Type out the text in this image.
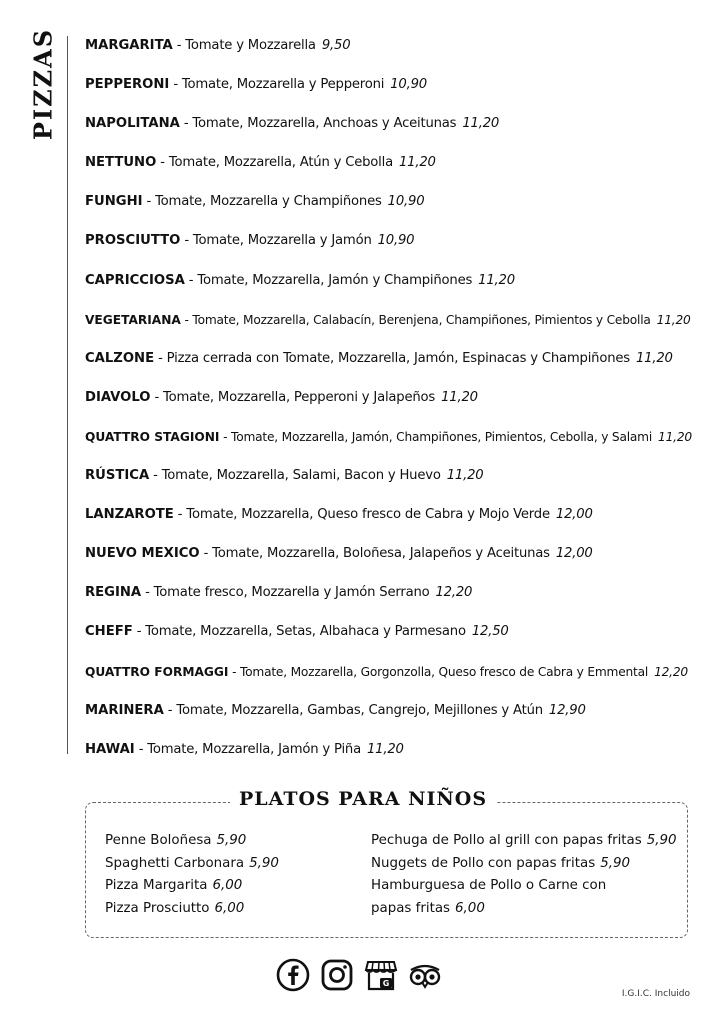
PIZZAS MARGARITA - Tomate y Mozzarella 9,50
PEPPERONI - Tomate, Mozzarella y Pepperoni 10,90
NAPOLITANA - Tomate, Mozzarella, Anchoas y Aceitunas 11,20
NETTUNO - Tomate, Mozzarella, Atún y Cebolla 11,20
FUNGHI - Tomate, Mozzarella y Champiñones 10,90
PROSCIUTTO - Tomate, Mozzarella y Jamón 10,90
CAPRICCIOSA - Tomate, Mozzarella, Jamón y Champiñones 11,20
VEGETARIANA - Tomate, Mozzarella, Calabacín, Berenjena, Champiñones, Pimientos y Cebolla 11,20
CALZONE - Pizza cerrada con Tomate, Mozzarella, Jamón, Espinacas y Champiñones 11,20
DIAVOLO - Tomate, Mozzarella, Pepperoni y Jalapeños 11,20
QUATTRO STAGIONI - Tomate, Mozzarella, Jamón, Champiñones, Pimientos, Cebolla, y Salami 11,20
RÚSTICA - Tomate, Mozzarella, Salami, Bacon y Huevo 11,20
LANZAROTE - Tomate, Mozzarella, Queso fresco de Cabra y Mojo Verde 12,00
NUEVO MEXICO - Tomate, Mozzarella, Boloñesa, Jalapeños y Aceitunas 12,00
REGINA - Tomate fresco, Mozzarella y Jamón Serrano 12,20
CHEFF - Tomate, Mozzarella, Setas, Albahaca y Parmesano 12,50
QUATTRO FORMAGGI - Tomate, Mozzarella, Gorgonzolla, Queso fresco de Cabra y Emmental 12,20
MARINERA - Tomate, Mozzarella, Gambas, Cangrejo, Mejillones y Atún 12,90
HAWAI - Tomate, Mozzarella, Jamón y Piña 11,20
PLATOS PARA NIÑOS
Penne Boloñesa 5,90
Spaghetti Carbonara 5,90
Pizza Margarita 6,00
Pizza Prosciutto 6,00
Pechuga de Pollo al grill con papas fritas 5,90
Nuggets de Pollo con papas fritas 5,90
Hamburguesa de Pollo o Carne con
papas fritas 6,00
G
I.G.I.C. Incluido
